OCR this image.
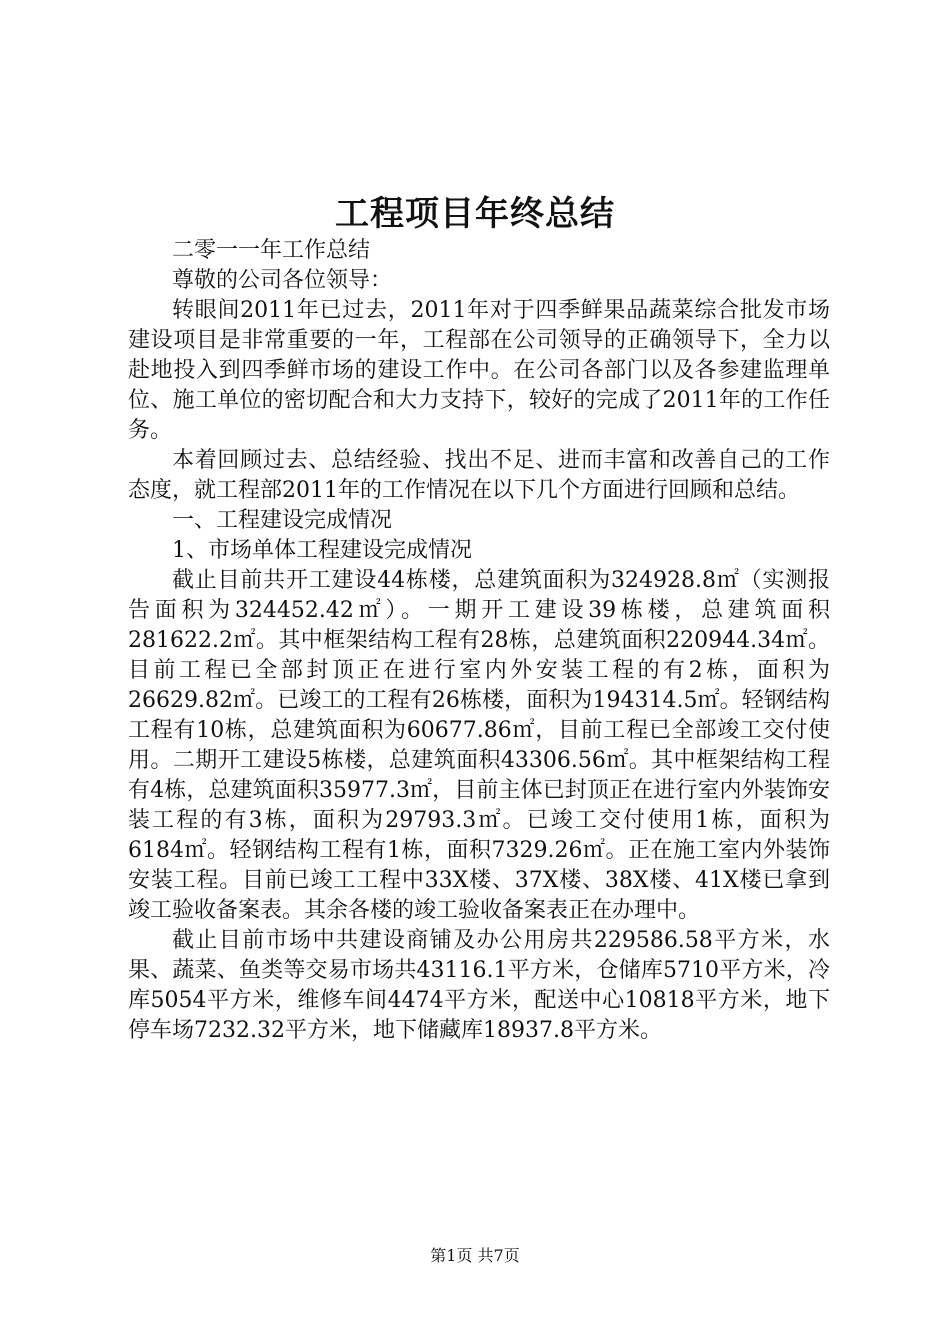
工程项目年终总结

二零一一年工作总结

尊敬的公司各位领导：

转眼间2011年已过去，2011年对于四季鲜果品蔬菜综合批发市场建设项目是非常重要的一年，工程部在公司领导的正确领导下，全力以赴地投入到四季鲜市场的建设工作中。在公司各部门以及各参建监理单位、施工单位的密切配合和大力支持下，较好的完成了2011年的工作任务。

本着回顾过去、总结经验、找出不足、进而丰富和改善自己的工作态度，就工程部2011年的工作情况在以下几个方面进行回顾和总结。

一、工程建设完成情况

1、市场单体工程建设完成情况

截止目前共开工建设44栋楼，总建筑面积为324928.8㎡（实测报告面积为324452.42㎡）。一期开工建设39栋楼，总建筑面积281622.2㎡。其中框架结构工程有28栋，总建筑面积220944.34㎡。目前工程已全部封顶正在进行室内外安装工程的有2栋，面积为26629.82㎡。已竣工的工程有26栋楼，面积为194314.5㎡。轻钢结构工程有10栋，总建筑面积为60677.86㎡，目前工程已全部竣工交付使用。二期开工建设5栋楼，总建筑面积43306.56㎡。其中框架结构工程有4栋，总建筑面积35977.3㎡，目前主体已封顶正在进行室内外装饰安装工程的有3栋，面积为29793.3㎡。已竣工交付使用1栋，面积为6184㎡。轻钢结构工程有1栋，面积7329.26㎡。正在施工室内外装饰安装工程。目前已竣工工程中33X楼、37X楼、38X楼、41X楼已拿到竣工验收备案表。其余各楼的竣工验收备案表正在办理中。

截止目前市场中共建设商铺及办公用房共229586.58平方米，水果、蔬菜、鱼类等交易市场共43116.1平方米，仓储库5710平方米，冷库5054平方米，维修车间4474平方米，配送中心10818平方米，地下停车场7232.32平方米，地下储藏库18937.8平方米。

第1页 共7页
